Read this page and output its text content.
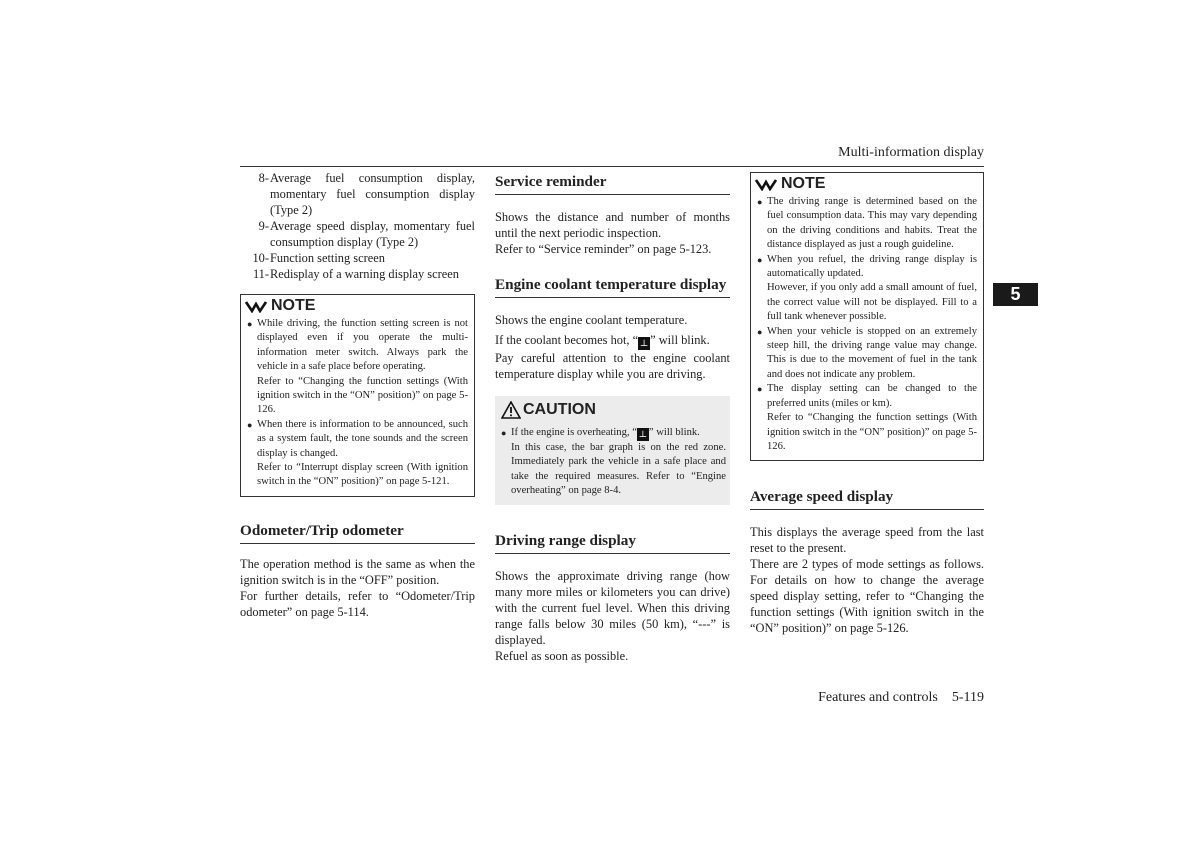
Multi-information display
5
8- Average fuel consumption display, momentary fuel consumption display (Type 2)
9- Average speed display, momentary fuel consumption display (Type 2)
10- Function setting screen
11- Redisplay of a warning display screen
NOTE
● While driving, the function setting screen is not displayed even if you operate the multi-information meter switch. Always park the vehicle in a safe place before operating.
Refer to “Changing the function settings (With ignition switch in the “ON” position)” on page 5-126.
● When there is information to be announced, such as a system fault, the tone sounds and the screen display is changed.
Refer to “Interrupt display screen (With ignition switch in the “ON” position)” on page 5-121.
Odometer/Trip odometer
The operation method is the same as when the ignition switch is in the “OFF” position.
For further details, refer to “Odometer/Trip odometer” on page 5-114.
Service reminder
Shows the distance and number of months until the next periodic inspection.
Refer to “Service reminder” on page 5-123.
Engine coolant temperature display
Shows the engine coolant temperature.
If the coolant becomes hot, “ ⊥ ” will blink.
Pay careful attention to the engine coolant temperature display while you are driving.
CAUTION
● If the engine is overheating, “ ⊥ ” will blink.
In this case, the bar graph is on the red zone. Immediately park the vehicle in a safe place and take the required measures. Refer to “Engine overheating” on page 8-4.
Driving range display
Shows the approximate driving range (how many more miles or kilometers you can drive) with the current fuel level. When this driving range falls below 30 miles (50 km), “---” is displayed.
Refuel as soon as possible.
NOTE
● The driving range is determined based on the fuel consumption data. This may vary depending on the driving conditions and habits. Treat the distance displayed as just a rough guideline.
● When you refuel, the driving range display is automatically updated.
However, if you only add a small amount of fuel, the correct value will not be displayed. Fill to a full tank whenever possible.
● When your vehicle is stopped on an extremely steep hill, the driving range value may change. This is due to the movement of fuel in the tank and does not indicate any problem.
● The display setting can be changed to the preferred units (miles or km).
Refer to “Changing the function settings (With ignition switch in the “ON” position)” on page 5-126.
Average speed display
This displays the average speed from the last reset to the present.
There are 2 types of mode settings as follows. For details on how to change the average speed display setting, refer to “Changing the function settings (With ignition switch in the “ON” position)” on page 5-126.
Features and controls 5-119
